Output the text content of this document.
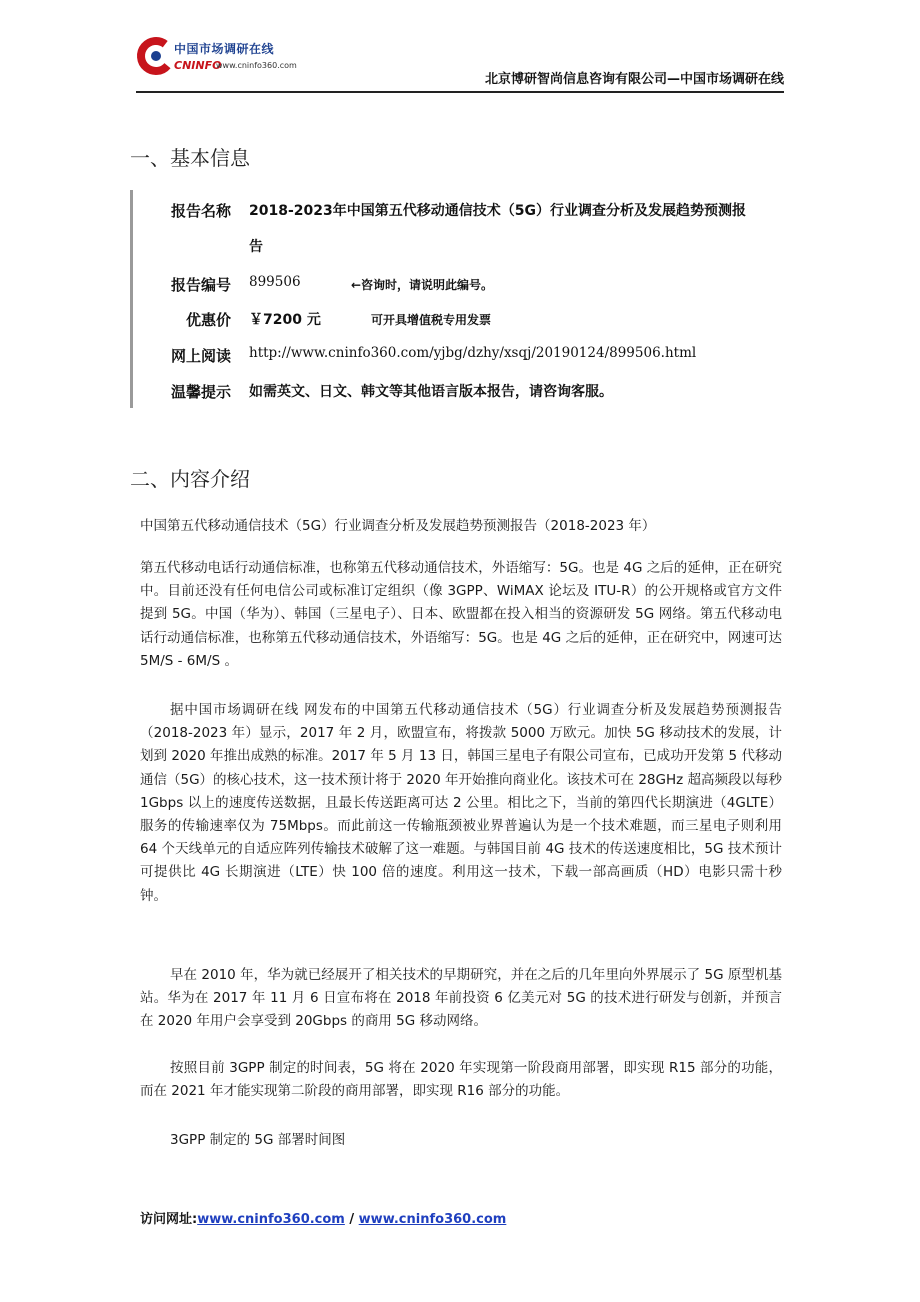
中国市场调研在线
CNINFO
www.cninfo360.com
北京博研智尚信息咨询有限公司—中国市场调研在线
一、基本信息
报告名称 2018-2023年中国第五代移动通信技术（5G）行业调查分析及发展趋势预测报
告
报告编号 899506	←咨询时，请说明此编号。
优惠价 ￥7200 元	可开具增值税专用发票
网上阅读 http://www.cninfo360.com/yjbg/dzhy/xsqj/20190124/899506.html
温馨提示 如需英文、日文、韩文等其他语言版本报告，请咨询客服。
二、内容介绍
中国第五代移动通信技术（5G）行业调查分析及发展趋势预测报告（2018-2023 年）
第五代移动电话行动通信标准，也称第五代移动通信技术，外语缩写：5G。也是 4G 之后的延伸，正在研究中。目前还没有任何电信公司或标准订定组织（像 3GPP、WiMAX 论坛及 ITU-R）的公开规格或官方文件提到 5G。中国（华为）、韩国（三星电子）、日本、欧盟都在投入相当的资源研发 5G 网络。第五代移动电话行动通信标准，也称第五代移动通信技术，外语缩写：5G。也是 4G 之后的延伸，正在研究中，网速可达 5M/S - 6M/S 。
据中国市场调研在线 网发布的中国第五代移动通信技术（5G）行业调查分析及发展趋势预测报告（2018-2023 年）显示，2017 年 2 月，欧盟宣布，将拨款 5000 万欧元。加快 5G 移动技术的发展，计划到 2020 年推出成熟的标准。2017 年 5 月 13 日，韩国三星电子有限公司宣布，已成功开发第 5 代移动通信（5G）的核心技术，这一技术预计将于 2020 年开始推向商业化。该技术可在 28GHz 超高频段以每秒 1Gbps 以上的速度传送数据，且最长传送距离可达 2 公里。相比之下，当前的第四代长期演进（4GLTE）服务的传输速率仅为 75Mbps。而此前这一传输瓶颈被业界普遍认为是一个技术难题，而三星电子则利用 64 个天线单元的自适应阵列传输技术破解了这一难题。与韩国目前 4G 技术的传送速度相比，5G 技术预计可提供比 4G 长期演进（LTE）快 100 倍的速度。利用这一技术，下载一部高画质（HD）电影只需十秒钟。
早在 2010 年，华为就已经展开了相关技术的早期研究，并在之后的几年里向外界展示了 5G 原型机基站。华为在 2017 年 11 月 6 日宣布将在 2018 年前投资 6 亿美元对 5G 的技术进行研发与创新，并预言在 2020 年用户会享受到 20Gbps 的商用 5G 移动网络。
按照目前 3GPP 制定的时间表，5G 将在 2020 年实现第一阶段商用部署，即实现 R15 部分的功能，而在 2021 年才能实现第二阶段的商用部署，即实现 R16 部分的功能。
3GPP 制定的 5G 部署时间图
访问网址:www.cninfo360.com / www.cninfo360.com
